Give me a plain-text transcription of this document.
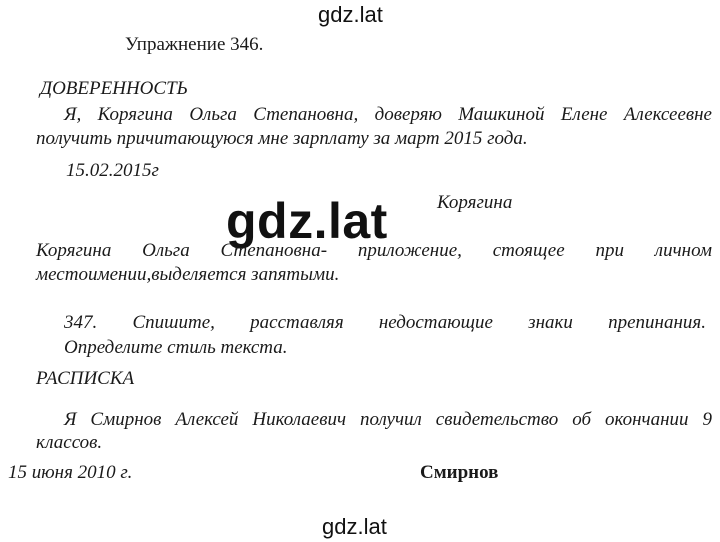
gdz.lat
Упражнение 346.
ДОВЕРЕННОСТЬ
Я, Корягина Ольга Степановна, доверяю Машкиной Елене Алексеевне
получить причитающуюся мне зарплату за март 2015 года.
15.02.2015г
Корягина
gdz.lat
Корягина Ольга Степановна- приложение, стоящее при личном
местоимении,выделяется запятыми.
347. Спишите, расставляя недостающие знаки препинания.
Определите стиль текста.
РАСПИСКА
Я Смирнов Алексей Николаевич получил свидетельство об окончании 9
классов.
15 июня 2010 г.	Смирнов
gdz.lat
